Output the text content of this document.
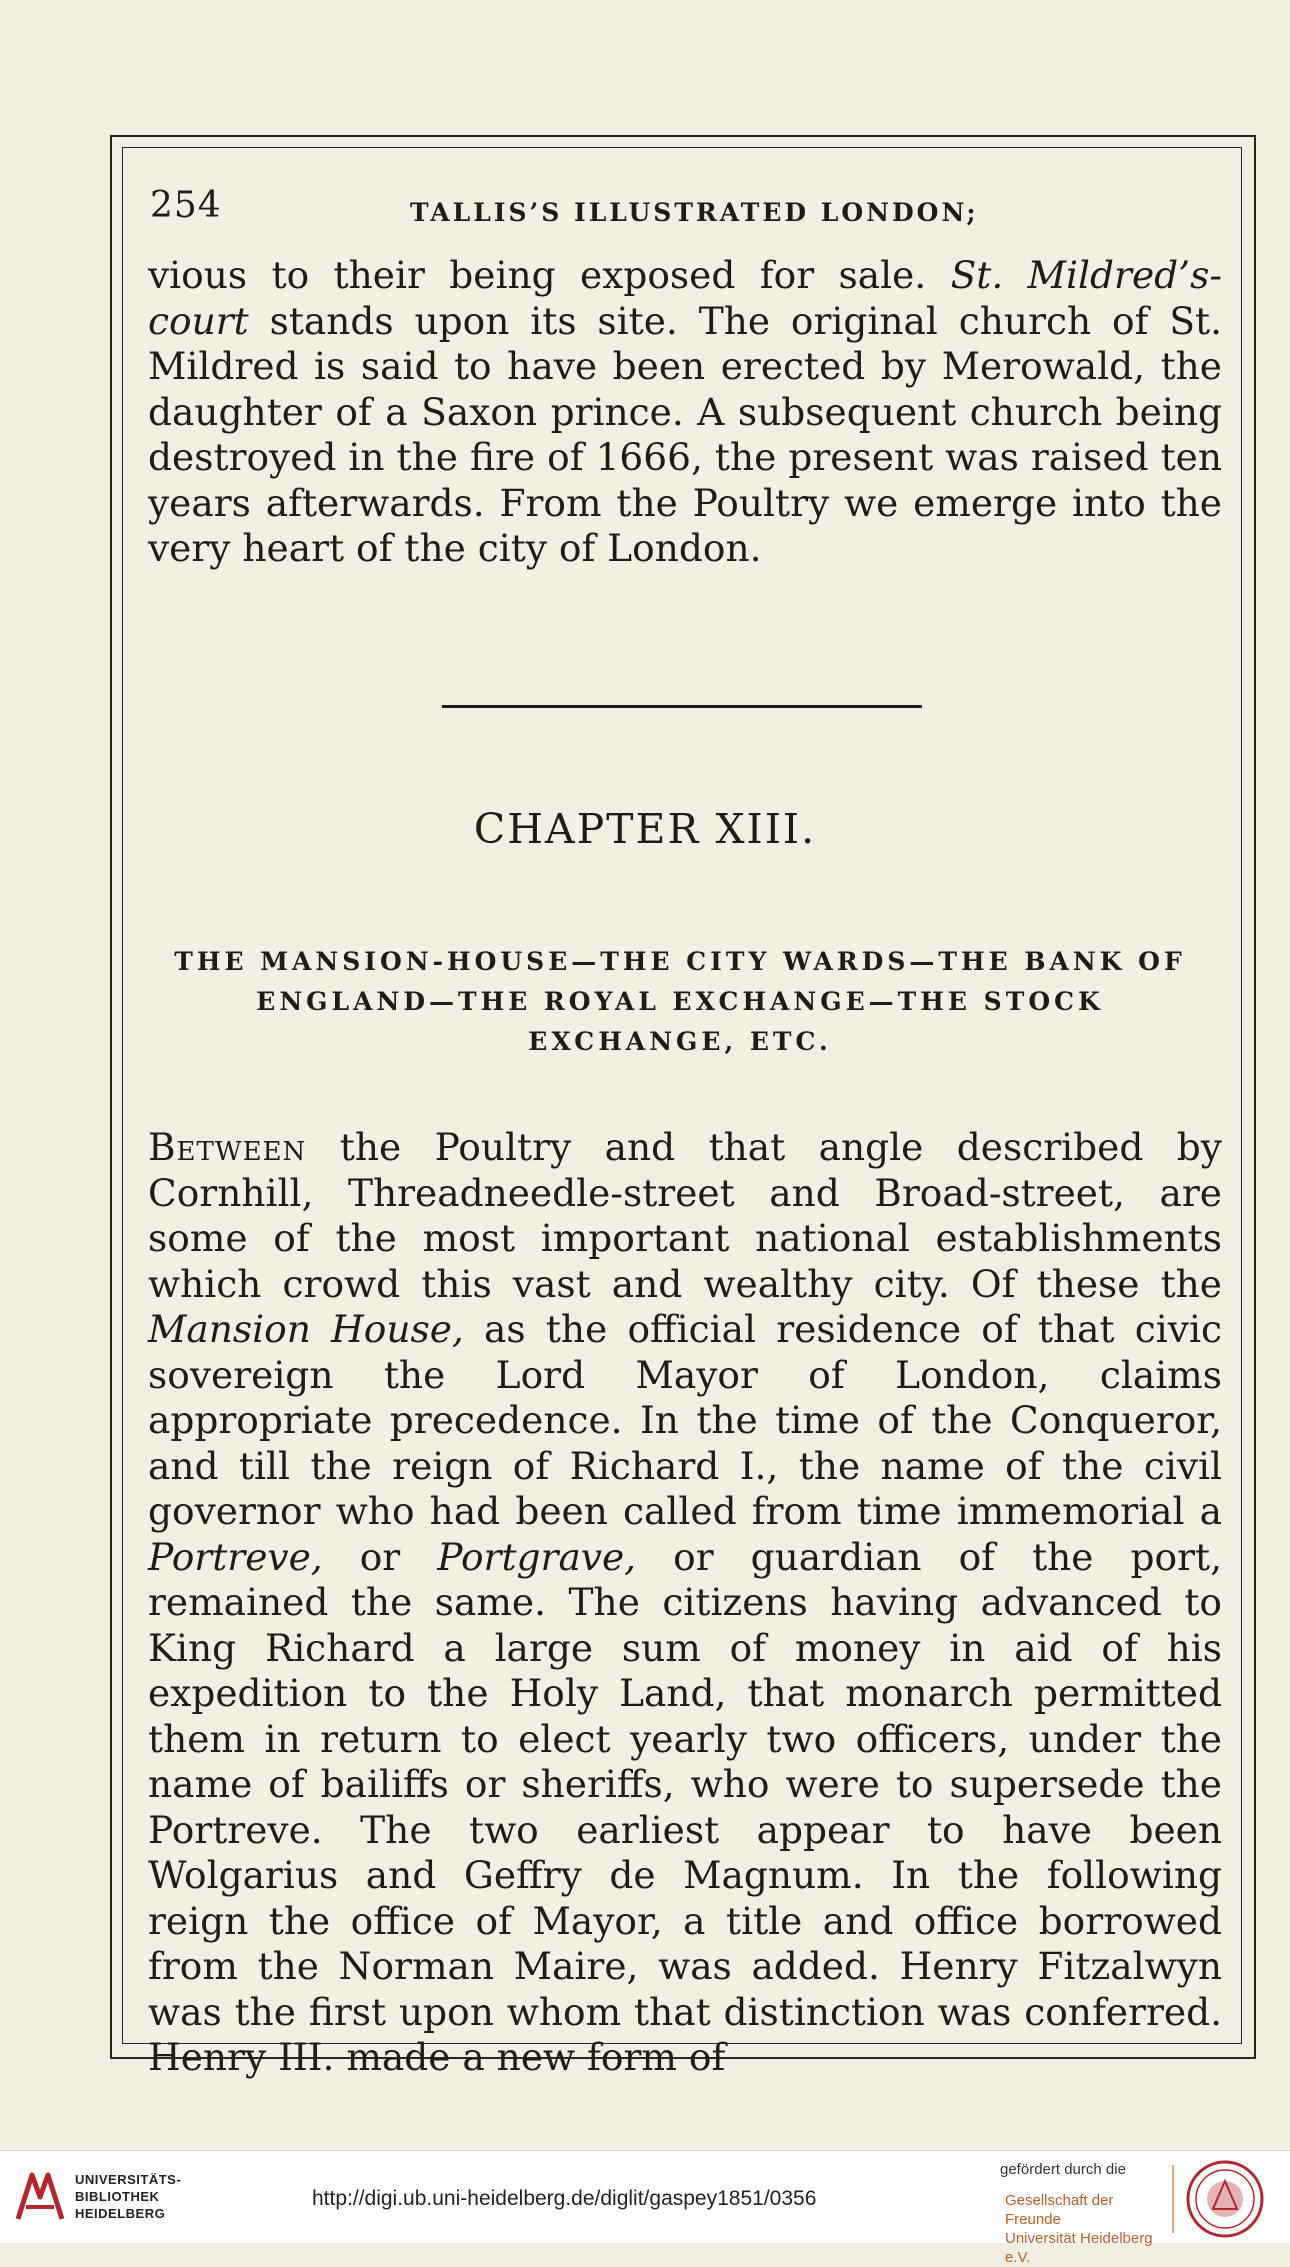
254	TALLIS’S ILLUSTRATED LONDON;
vious to their being exposed for sale. St. Mildred’s-court stands upon its site. The original church of St. Mildred is said to have been erected by Merowald, the daughter of a Saxon prince. A subsequent church being destroyed in the fire of 1666, the present was raised ten years afterwards. From the Poultry we emerge into the very heart of the city of London.
CHAPTER XIII.
THE MANSION-HOUSE—THE CITY WARDS—THE BANK OF
ENGLAND—THE ROYAL EXCHANGE—THE STOCK
EXCHANGE, ETC.
Between the Poultry and that angle described by Cornhill, Threadneedle-street and Broad-street, are some of the most important national establishments which crowd this vast and wealthy city. Of these the Mansion House, as the official residence of that civic sovereign the Lord Mayor of London, claims appropriate precedence. In the time of the Conqueror, and till the reign of Richard I., the name of the civil governor who had been called from time immemorial a Portreve, or Portgrave, or guardian of the port, remained the same. The citizens having advanced to King Richard a large sum of money in aid of his expedition to the Holy Land, that monarch permitted them in return to elect yearly two officers, under the name of bailiffs or sheriffs, who were to supersede the Portreve. The two earliest appear to have been Wolgarius and Geffry de Magnum. In the following reign the office of Mayor, a title and office borrowed from the Norman Maire, was added. Henry Fitzalwyn was the first upon whom that distinction was conferred. Henry III. made a new form of
UNIVERSITÄTS-
BIBLIOTHEK
HEIDELBERG
http://digi.ub.uni-heidelberg.de/diglit/gaspey1851/0356
gefördert durch die
Gesellschaft der Freunde
Universität Heidelberg e.V.
